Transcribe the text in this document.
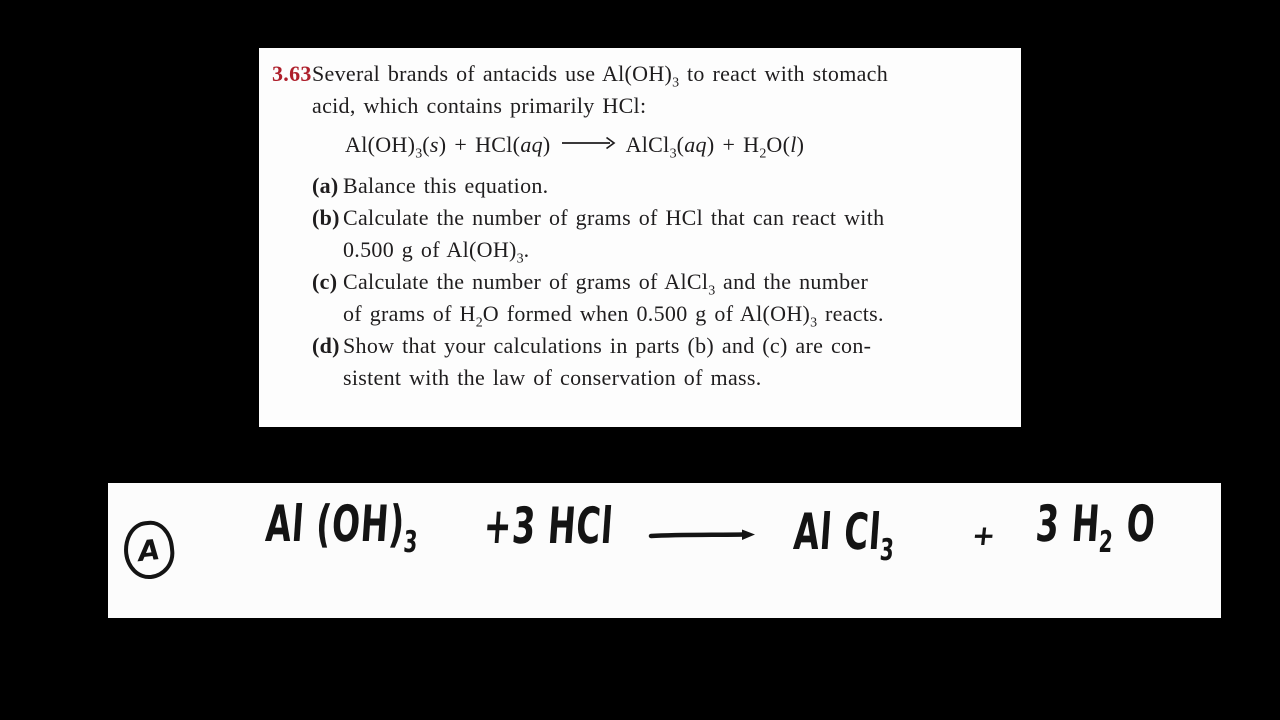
3.63 Several brands of antacids use $Al(OH)_3$ to react with stomach
acid, which contains primarily HCl:
$Al(OH)_3(s) + HCl(aq)$ → AlCl$_3$(aq) + $H_2O(l)$
(a) Balance this equation.
(b) Calculate the number of grams of HCl that can react with
0.500 g of $Al(OH)_3$.
(c) Calculate the number of grams of AlCl$_3$ and the number
of grams of $H_2O$ formed when 0.500 g of $Al(OH)_3$ reacts.
(d) Show that your calculations in parts (b) and (c) are con-
sistent with the law of conservation of mass.
A Al $(OH)_3 +3$ HCl	Al $Cl_3$	+ 3 $H_2$ O
